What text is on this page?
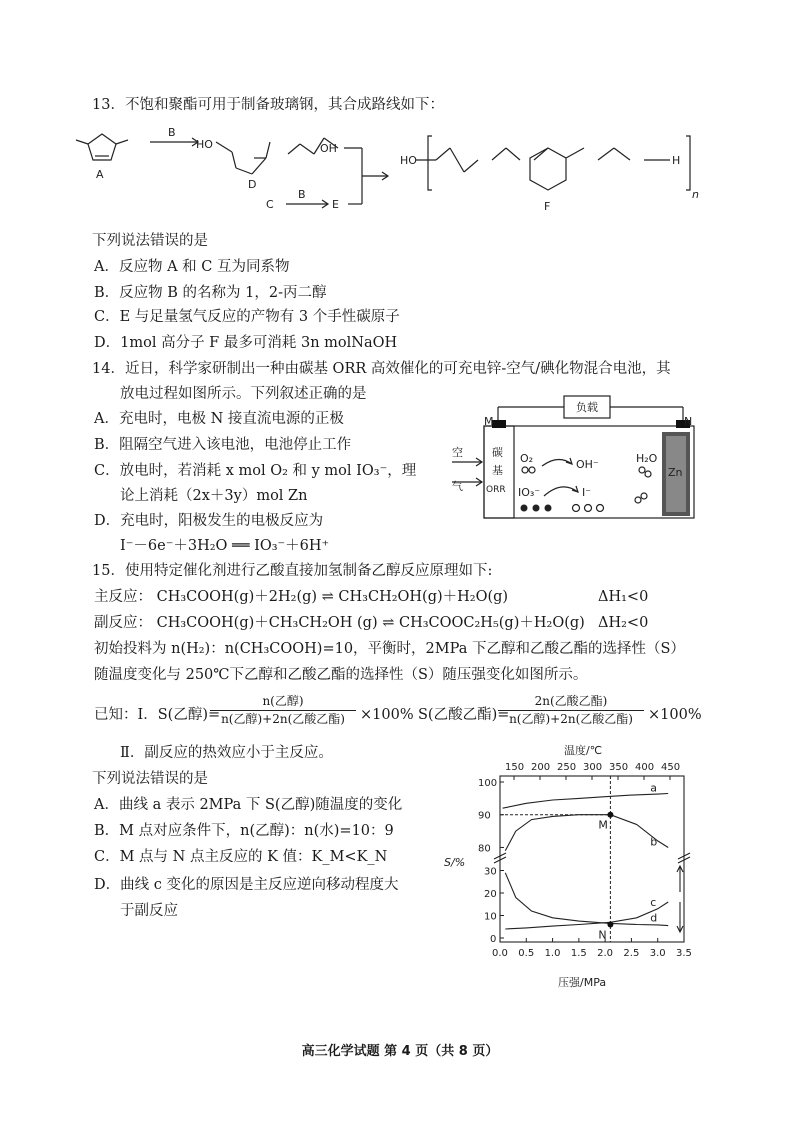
13．不饱和聚酯可用于制备玻璃钢，其合成路线如下：
A
B
HO
D
OH
C
B
E
HO
F
H
n
下列说法错误的是
A．反应物 A 和 C 互为同系物
B．反应物 B 的名称为 1，2-丙二醇
C．E 与足量氢气反应的产物有 3 个手性碳原子
D．1mol 高分子 F 最多可消耗 3n molNaOH
14．近日，科学家研制出一种由碳基 ORR 高效催化的可充电锌-空气/碘化物混合电池，其
放电过程如图所示。下列叙述正确的是
A．充电时，电极 N 接直流电源的正极
B．阻隔空气进入该电池，电池停止工作
C．放电时，若消耗 x mol O₂ 和 y mol IO₃⁻，理
论上消耗（2x＋3y）mol Zn
D．充电时，阳极发生的电极反应为
I⁻－6e⁻＋3H₂O ══ IO₃⁻＋6H⁺
负载
M	N
空
气
碳
基
ORR
O₂	OH⁻
IO₃⁻	I⁻
H₂O
Zn
15．使用特定催化剂进行乙酸直接加氢制备乙醇反应原理如下:
主反应： CH₃COOH(g)＋2H₂(g) ⇌ CH₃CH₂OH(g)＋H₂O(g)	ΔH₁<0
副反应： CH₃COOH(g)＋CH₃CH₂OH (g) ⇌ CH₃COOC₂H₅(g)＋H₂O(g) ΔH₂<0
初始投料为 n(H₂)：n(CH₃COOH)=10，平衡时，2MPa 下乙醇和乙酸乙酯的选择性（S）
随温度变化与 250℃下乙醇和乙酸乙酯的选择性（S）随压强变化如图所示。
已知：Ⅰ．S(乙醇)=
n(乙醇)
n(乙醇)+2n(乙酸乙酯)	×100% S(乙酸乙酯)=
2n(乙酸乙酯)
n(乙醇)+2n(乙酸乙酯)	×100%
Ⅱ．副反应的热效应小于主反应。
下列说法错误的是
A．曲线 a 表示 2MPa 下 S(乙醇)随温度的变化
B．M 点对应条件下，n(乙醇)：n(水)=10：9
C．M 点与 N 点主反应的 K 值：K_M<K_N
D．曲线 c 变化的原因是主反应逆向移动程度大
于副反应
0.0 0.5 1.0 1.5 2.0 2.5 3.0 3.5
150 200 250 300 350 400 450
100
90
80
30
20
10
0
a
b
c
d
M
N
温度/℃
压强/MPa
S/%
高三化学试题 第 4 页（共 8 页）
